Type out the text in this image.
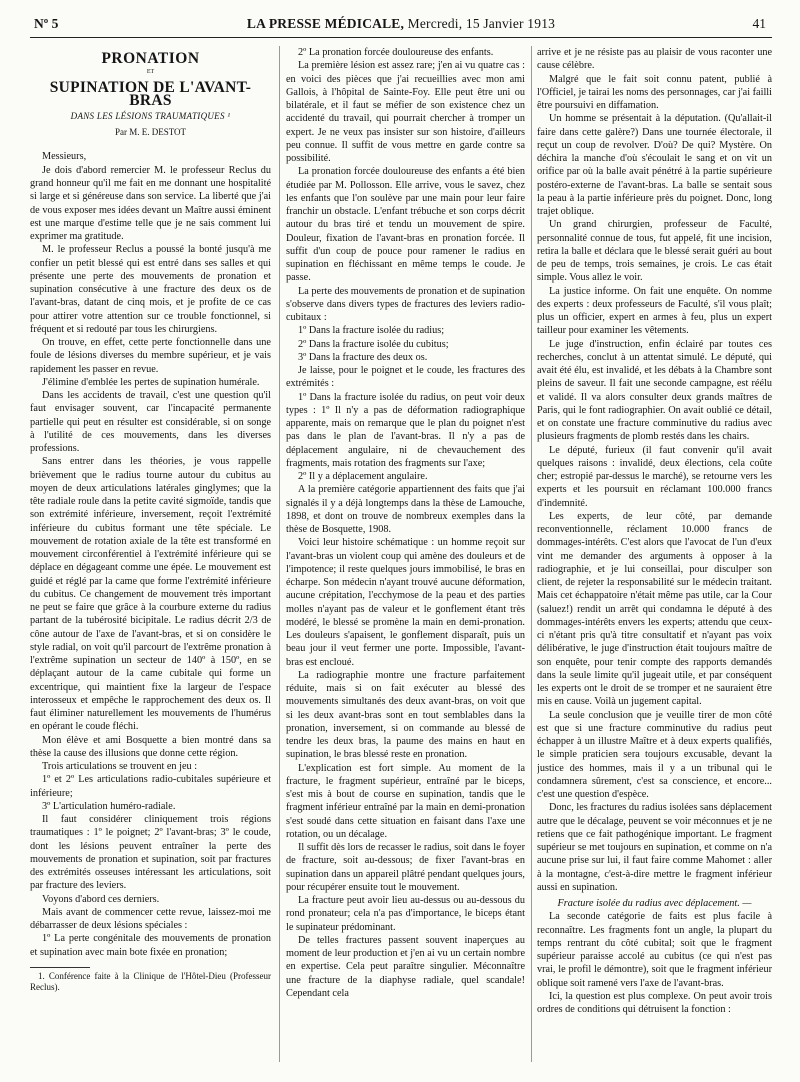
Nº 5	LA PRESSE MÉDICALE, Mercredi, 15 Janvier 1913	41

PRONATION

ET

SUPINATION DE L'AVANT-BRAS

DANS LES LÉSIONS TRAUMATIQUES ¹

Par M. E. DESTOT

Messieurs,

Je dois d'abord remercier M. le professeur Reclus du grand honneur qu'il me fait en me donnant une hospitalité si large et si généreuse dans son service. La liberté que j'ai de vous exposer mes idées devant un Maître aussi éminent est une marque d'estime telle que je ne sais comment lui exprimer ma gratitude.

M. le professeur Reclus a poussé la bonté jusqu'à me confier un petit blessé qui est entré dans ses salles et qui présente une perte des mouvements de pronation et supination consécutive à une fracture des deux os de l'avant-bras, datant de cinq mois, et je profite de ce cas pour attirer votre attention sur ce trouble fonctionnel, si fréquent et si redouté par tous les chirurgiens.

On trouve, en effet, cette perte fonctionnelle dans une foule de lésions diverses du membre supérieur, et je vais rapidement les passer en revue.

J'élimine d'emblée les pertes de supination humérale.

Dans les accidents de travail, c'est une question qu'il faut envisager souvent, car l'incapacité permanente partielle qui peut en résulter est considérable, si on songe à l'utilité de ces mouvements, dans les diverses professions.

Sans entrer dans les théories, je vous rappelle brièvement que le radius tourne autour du cubitus au moyen de deux articulations latérales ginglymes; que la tête radiale roule dans la petite cavité sigmoïde, tandis que son extrémité inférieure, inversement, reçoit l'extrémité inférieure du cubitus formant une tête spéciale. Le mouvement de rotation axiale de la tête est transformé en mouvement circonférentiel à l'extrémité inférieure qui se déplace en dégageant comme une épée. Le mouvement est guidé et réglé par la came que forme l'extrémité inférieure du cubitus. Ce changement de mouvement très important ne peut se faire que grâce à la courbure externe du radius partant de la tubérosité bicipitale. Le radius décrit 2/3 de cône autour de l'axe de l'avant-bras, et si on considère le style radial, on voit qu'il parcourt de l'extrême pronation à l'extrême supination un secteur de 140º à 150º, en se déplaçant autour de la came cubitale qui forme un excentrique, qui maintient fixe la largeur de l'espace interosseux et empêche le rapprochement des deux os. Il faut éliminer naturellement les mouvements de l'humérus en opérant le coude fléchi.

Mon élève et ami Bosquette a bien montré dans sa thèse la cause des illusions que donne cette région.

Trois articulations se trouvent en jeu :

1º et 2º Les articulations radio-cubitales supérieure et inférieure;

3º L'articulation huméro-radiale.

Il faut considérer cliniquement trois régions traumatiques : 1º le poignet; 2º l'avant-bras; 3º le coude, dont les lésions peuvent entraîner la perte des mouvements de pronation et supination, soit par fractures des extrémités osseuses intéressant les articulations, soit par fracture des leviers.

Voyons d'abord ces derniers.

Mais avant de commencer cette revue, laissez-moi me débarrasser de deux lésions spéciales :

1º La perte congénitale des mouvements de pronation et supination avec main bote fixée en pronation;

1. Conférence faite à la Clinique de l'Hôtel-Dieu (Professeur Reclus).

2º La pronation forcée douloureuse des enfants.

La première lésion est assez rare; j'en ai vu quatre cas : en voici des pièces que j'ai recueillies avec mon ami Gallois, à l'hôpital de Sainte-Foy. Elle peut être uni ou bilatérale, et il faut se méfier de son existence chez un accidenté du travail, qui pourrait chercher à tromper un expert. Je ne veux pas insister sur son histoire, d'ailleurs peu connue. Il suffit de vous mettre en garde contre sa possibilité.

La pronation forcée douloureuse des enfants a été bien étudiée par M. Pollosson. Elle arrive, vous le savez, chez les enfants que l'on soulève par une main pour leur faire franchir un obstacle. L'enfant trébuche et son corps décrit autour du bras tiré et tendu un mouvement de spire. Douleur, fixation de l'avant-bras en pronation forcée. Il suffit d'un coup de pouce pour ramener le radius en supination en fléchissant en même temps le coude. Je passe.

La perte des mouvements de pronation et de supination s'observe dans divers types de fractures des leviers radio-cubitaux :

1º Dans la fracture isolée du radius;

2º Dans la fracture isolée du cubitus;

3º Dans la fracture des deux os.

Je laisse, pour le poignet et le coude, les fractures des extrémités :

1º Dans la fracture isolée du radius, on peut voir deux types : 1º Il n'y a pas de déformation radiographique apparente, mais on remarque que le plan du poignet n'est pas dans le plan de l'avant-bras. Il n'y a pas de déplacement angulaire, ni de chevauchement des fragments, mais rotation des fragments sur l'axe;

2º Il y a déplacement angulaire.

A la première catégorie appartiennent des faits que j'ai signalés il y a déjà longtemps dans la thèse de Lamouche, 1898, et dont on trouve de nombreux exemples dans la thèse de Bosquette, 1908.

Voici leur histoire schématique : un homme reçoit sur l'avant-bras un violent coup qui amène des douleurs et de l'impotence; il reste quelques jours immobilisé, le bras en écharpe. Son médecin n'ayant trouvé aucune déformation, aucune crépitation, l'ecchymose de la peau et des parties molles n'ayant pas de valeur et le gonflement étant très modéré, le blessé se promène la main en demi-pronation. Les douleurs s'apaisent, le gonflement disparaît, puis un beau jour il veut fermer une porte. Impossible, l'avant-bras est encloué.

La radiographie montre une fracture parfaitement réduite, mais si on fait exécuter au blessé des mouvements simultanés des deux avant-bras, on voit que si les deux avant-bras sont en tout semblables dans la pronation, inversement, si on commande au blessé de tendre les deux bras, la paume des mains en haut en supination, le bras blessé reste en pronation.

L'explication est fort simple. Au moment de la fracture, le fragment supérieur, entraîné par le biceps, s'est mis à bout de course en supination, tandis que le fragment inférieur entraîné par la main en demi-pronation s'est soudé dans cette situation en faisant dans l'axe une rotation, ou un décalage.

Il suffit dès lors de recasser le radius, soit dans le foyer de fracture, soit au-dessous; de fixer l'avant-bras en supination dans un appareil plâtré pendant quelques jours, pour récupérer ensuite tout le mouvement.

La fracture peut avoir lieu au-dessus ou au-dessous du rond pronateur; cela n'a pas d'importance, le biceps étant le supinateur prédominant.

De telles fractures passent souvent inaperçues au moment de leur production et j'en ai vu un certain nombre en expertise. Cela peut paraître singulier. Méconnaître une fracture de la diaphyse radiale, quel scandale! Cependant cela

arrive et je ne résiste pas au plaisir de vous raconter une cause célèbre.

Malgré que le fait soit connu patent, publié à l'Officiel, je tairai les noms des personnages, car j'ai failli être poursuivi en diffamation.

Un homme se présentait à la députation. (Qu'allait-il faire dans cette galère?) Dans une tournée électorale, il reçut un coup de revolver. D'où? De qui? Mystère. On déchira la manche d'où s'écoulait le sang et on vit un orifice par où la balle avait pénétré à la partie supérieure postéro-externe de l'avant-bras. La balle se sentait sous la peau à la partie inférieure près du poignet. Donc, long trajet oblique.

Un grand chirurgien, professeur de Faculté, personnalité connue de tous, fut appelé, fit une incision, retira la balle et déclara que le blessé serait guéri au bout de peu de temps, trois semaines, je crois. Le cas était simple. Vous allez le voir.

La justice informe. On fait une enquête. On nomme des experts : deux professeurs de Faculté, s'il vous plaît; plus un officier, expert en armes à feu, plus un expert tailleur pour examiner les vêtements.

Le juge d'instruction, enfin éclairé par toutes ces recherches, conclut à un attentat simulé. Le député, qui avait été élu, est invalidé, et les débats à la Chambre sont pleins de saveur. Il fait une seconde campagne, est réélu et validé. Il va alors consulter deux grands maîtres de Paris, qui le font radiographier. On avait oublié ce détail, et on constate une fracture comminutive du radius avec plusieurs fragments de plomb restés dans les chairs.

Le député, furieux (il faut convenir qu'il avait quelques raisons : invalidé, deux élections, cela coûte cher; estropié par-dessus le marché), se retourne vers les experts et les poursuit en réclamant 100.000 francs d'indemnité.

Les experts, de leur côté, par demande reconventionnelle, réclament 10.000 francs de dommages-intérêts. C'est alors que l'avocat de l'un d'eux vint me demander des arguments à opposer à la radiographie, et je lui conseillai, pour disculper son client, de rejeter la responsabilité sur le médecin traitant. Mais cet échappatoire n'était même pas utile, car la Cour (saluez!) rendit un arrêt qui condamna le député à des dommages-intérêts envers les experts; attendu que ceux-ci n'étant pris qu'à titre consultatif et n'ayant pas voix délibérative, le juge d'instruction était toujours maître de son enquête, pour tenir compte des rapports demandés dans la seule limite qu'il jugeait utile, et par conséquent les experts ont le droit de se tromper et ne sauraient être mis en cause. Voilà un jugement capital.

La seule conclusion que je veuille tirer de mon côté est que si une fracture comminutive du radius peut échapper à un illustre Maître et à deux experts qualifiés, le simple praticien sera toujours excusable, devant la justice des hommes, mais il y a un tribunal qui le condamnera sûrement, c'est sa conscience, et encore... c'est une question d'espèce.

Donc, les fractures du radius isolées sans déplacement autre que le décalage, peuvent se voir méconnues et je ne retiens que ce fait pathogénique important. Le fragment supérieur se met toujours en supination, et comme on n'a aucune prise sur lui, il faut faire comme Mahomet : aller à la montagne, c'est-à-dire mettre le fragment inférieur aussi en supination.

Fracture isolée du radius avec déplacement. —

La seconde catégorie de faits est plus facile à reconnaître. Les fragments font un angle, la plupart du temps rentrant du côté cubital; soit que le fragment supérieur paraisse accolé au cubitus (ce qui n'est pas vrai, le profil le démontre), soit que le fragment inférieur oblique soit ramené vers l'axe de l'avant-bras.

Ici, la question est plus complexe. On peut avoir trois ordres de conditions qui détruisent la fonction :
